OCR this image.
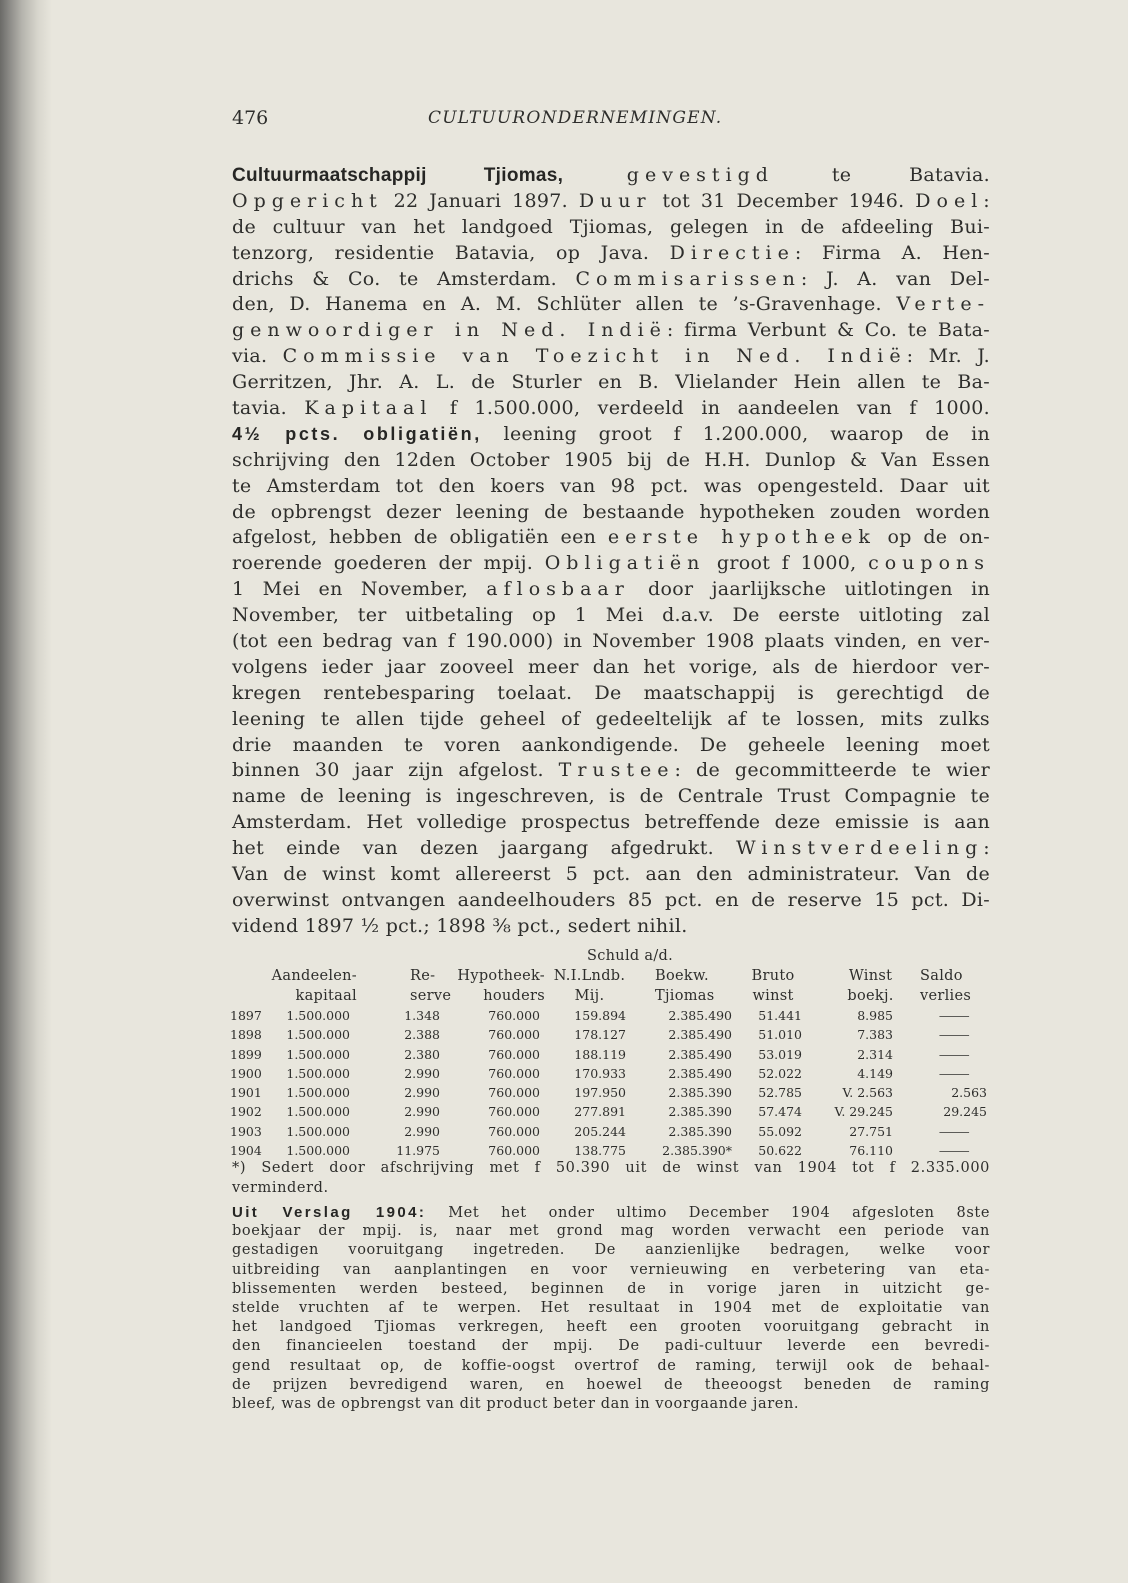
476	CULTUURONDERNEMINGEN.
Cultuurmaatschappij Tjiomas, gevestigd te Batavia.
Opgericht 22 Januari 1897. Duur tot 31 December 1946. Doel:
de cultuur van het landgoed Tjiomas, gelegen in de afdeeling Bui-
tenzorg, residentie Batavia, op Java. Directie: Firma A. Hen-
drichs & Co. te Amsterdam. Commisarissen: J. A. van Del-
den, D. Hanema en A. M. Schlüter allen te ’s-Gravenhage. Verte-
genwoordiger in Ned. Indië: firma Verbunt & Co. te Bata-
via. Commissie van Toezicht in Ned. Indië: Mr. J.
Gerritzen, Jhr. A. L. de Sturler en B. Vlielander Hein allen te Ba-
tavia. Kapitaal f 1.500.000, verdeeld in aandeelen van f 1000.
4½ pcts. obligatiën, leening groot f 1.200.000, waarop de in
schrijving den 12den October 1905 bij de H.H. Dunlop & Van Essen
te Amsterdam tot den koers van 98 pct. was opengesteld. Daar uit
de opbrengst dezer leening de bestaande hypotheken zouden worden
afgelost, hebben de obligatiën een eerste hypotheek op de on-
roerende goederen der mpij. Obligatiën groot f 1000, coupons
1 Mei en November, aflosbaar door jaarlijksche uitlotingen in
November, ter uitbetaling op 1 Mei d.a.v. De eerste uitloting zal
(tot een bedrag van f 190.000) in November 1908 plaats vinden, en ver-
volgens ieder jaar zooveel meer dan het vorige, als de hierdoor ver-
kregen rentebesparing toelaat. De maatschappij is gerechtigd de
leening te allen tijde geheel of gedeeltelijk af te lossen, mits zulks
drie maanden te voren aankondigende. De geheele leening moet
binnen 30 jaar zijn afgelost. Trustee: de gecommitteerde te wier
name de leening is ingeschreven, is de Centrale Trust Compagnie te
Amsterdam. Het volledige prospectus betreffende deze emissie is aan
het einde van dezen jaargang afgedrukt. Winstverdeeling:
Van de winst komt allereerst 5 pct. aan den administrateur. Van de
overwinst ontvangen aandeelhouders 85 pct. en de reserve 15 pct. Di-
vidend 1897 ½ pct.; 1898 ⅜ pct., sedert nihil.
				Schuld a/d.				
	Aandeelen-	Re-	Hypotheek-	N.I.Lndb.	Boekw.	Bruto	Winst	Saldo
	kapitaal	serve	houders	Mij.	Tjiomas	winst	boekj.	verlies
1897	1.500.000	1.348	760.000	159.894	2.385.490	51.441	8.985	—
1898	1.500.000	2.388	760.000	178.127	2.385.490	51.010	7.383	—
1899	1.500.000	2.380	760.000	188.119	2.385.490	53.019	2.314	—
1900	1.500.000	2.990	760.000	170.933	2.385.490	52.022	4.149	—
1901	1.500.000	2.990	760.000	197.950	2.385.390	52.785	V. 2.563	2.563
1902	1.500.000	2.990	760.000	277.891	2.385.390	57.474	V. 29.245	29.245
1903	1.500.000	2.990	760.000	205.244	2.385.390	55.092	27.751	—
1904	1.500.000	11.975	760.000	138.775	2.385.390*	50.622	76.110	—
*) Sedert door afschrijving met f 50.390 uit de winst van 1904 tot f 2.335.000
verminderd.
Uit Verslag 1904: Met het onder ultimo December 1904 afgesloten 8ste
boekjaar der mpij. is, naar met grond mag worden verwacht een periode van
gestadigen vooruitgang ingetreden. De aanzienlijke bedragen, welke voor
uitbreiding van aanplantingen en voor vernieuwing en verbetering van eta-
blissementen werden besteed, beginnen de in vorige jaren in uitzicht ge-
stelde vruchten af te werpen. Het resultaat in 1904 met de exploitatie van
het landgoed Tjiomas verkregen, heeft een grooten vooruitgang gebracht in
den financieelen toestand der mpij. De padi-cultuur leverde een bevredi-
gend resultaat op, de koffie-oogst overtrof de raming, terwijl ook de behaal-
de prijzen bevredigend waren, en hoewel de theeoogst beneden de raming
bleef, was de opbrengst van dit product beter dan in voorgaande jaren.
